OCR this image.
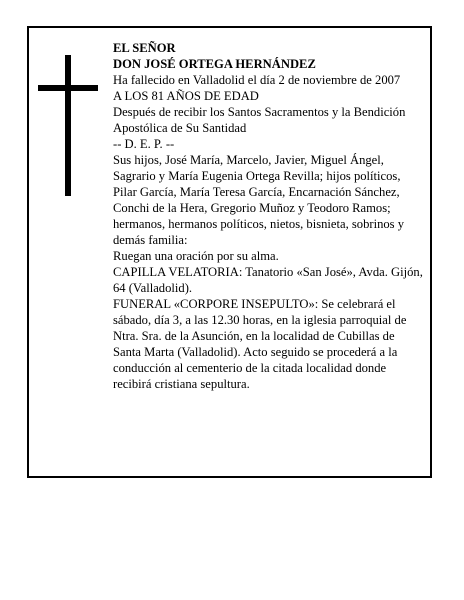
EL SEÑOR

DON JOSÉ ORTEGA HERNÁNDEZ

Ha fallecido en Valladolid el día 2 de noviembre de 2007

A LOS 81 AÑOS DE EDAD

Después de recibir los Santos Sacramentos y la Bendición Apostólica de Su Santidad

-- D. E. P. --

Sus hijos, José María, Marcelo, Javier, Miguel Ángel, Sagrario y María Eugenia Ortega Revilla; hijos políticos, Pilar García, María Teresa García, Encarnación Sánchez, Conchi de la Hera, Gregorio Muñoz y Teodoro Ramos; hermanos, hermanos políticos, nietos, bisnieta, sobrinos y demás familia:

Ruegan una oración por su alma.

CAPILLA VELATORIA: Tanatorio «San José», Avda. Gijón, 64 (Valladolid).

FUNERAL «CORPORE INSEPULTO»: Se celebrará el sábado, día 3, a las 12.30 horas, en la iglesia parroquial de Ntra. Sra. de la Asunción, en la localidad de Cubillas de Santa Marta (Valladolid). Acto seguido se procederá a la conducción al cementerio de la citada localidad donde recibirá cristiana sepultura.
